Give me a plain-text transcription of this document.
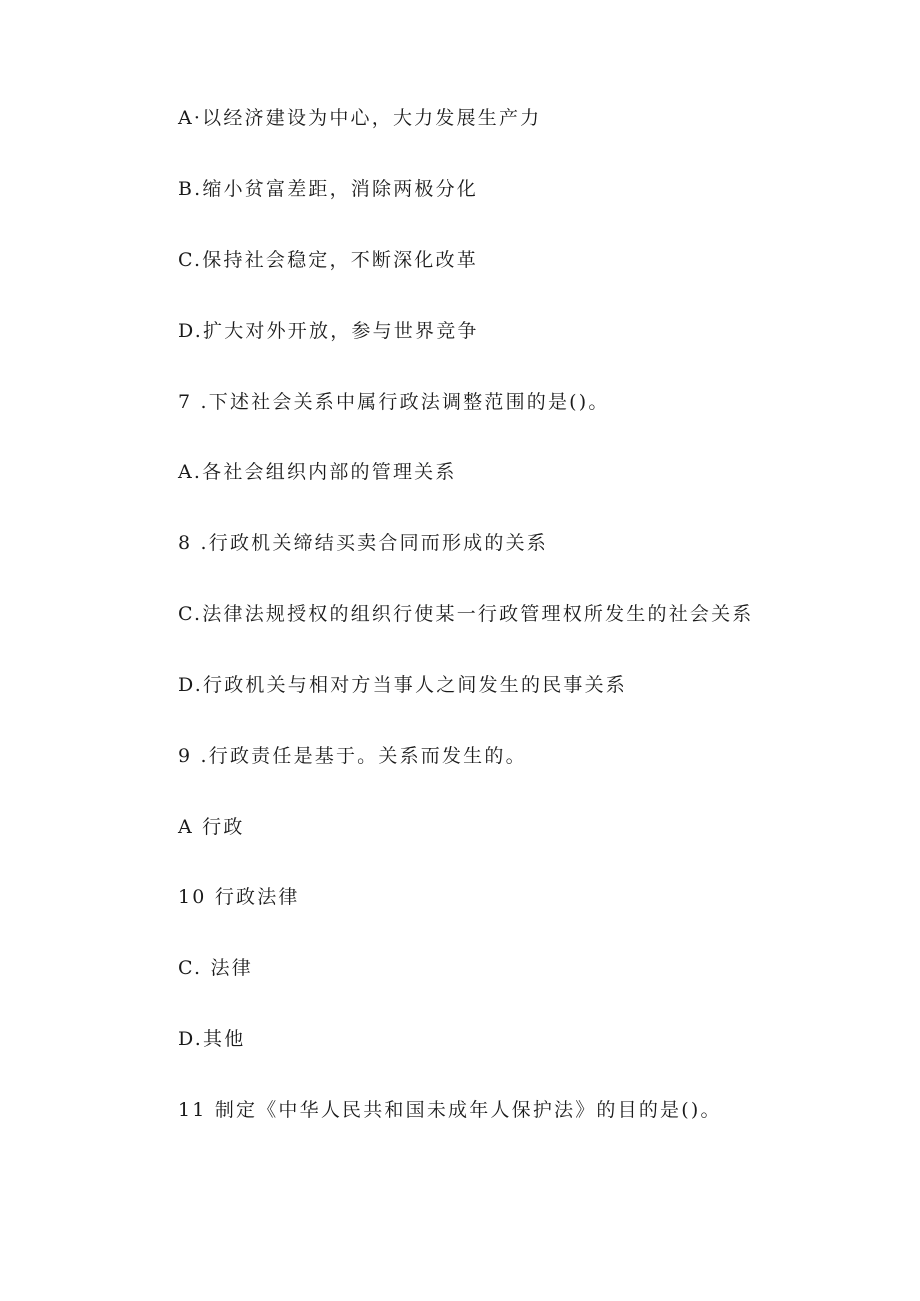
A·以经济建设为中心，大力发展生产力
B.缩小贫富差距，消除两极分化
C.保持社会稳定，不断深化改革
D.扩大对外开放，参与世界竞争
7 .下述社会关系中属行政法调整范围的是()。
A.各社会组织内部的管理关系
8 .行政机关缔结买卖合同而形成的关系
C.法律法规授权的组织行使某一行政管理权所发生的社会关系
D.行政机关与相对方当事人之间发生的民事关系
9 .行政责任是基于。关系而发生的。
A 行政
10 行政法律
C. 法律
D.其他
11 制定《中华人民共和国未成年人保护法》的目的是()。
